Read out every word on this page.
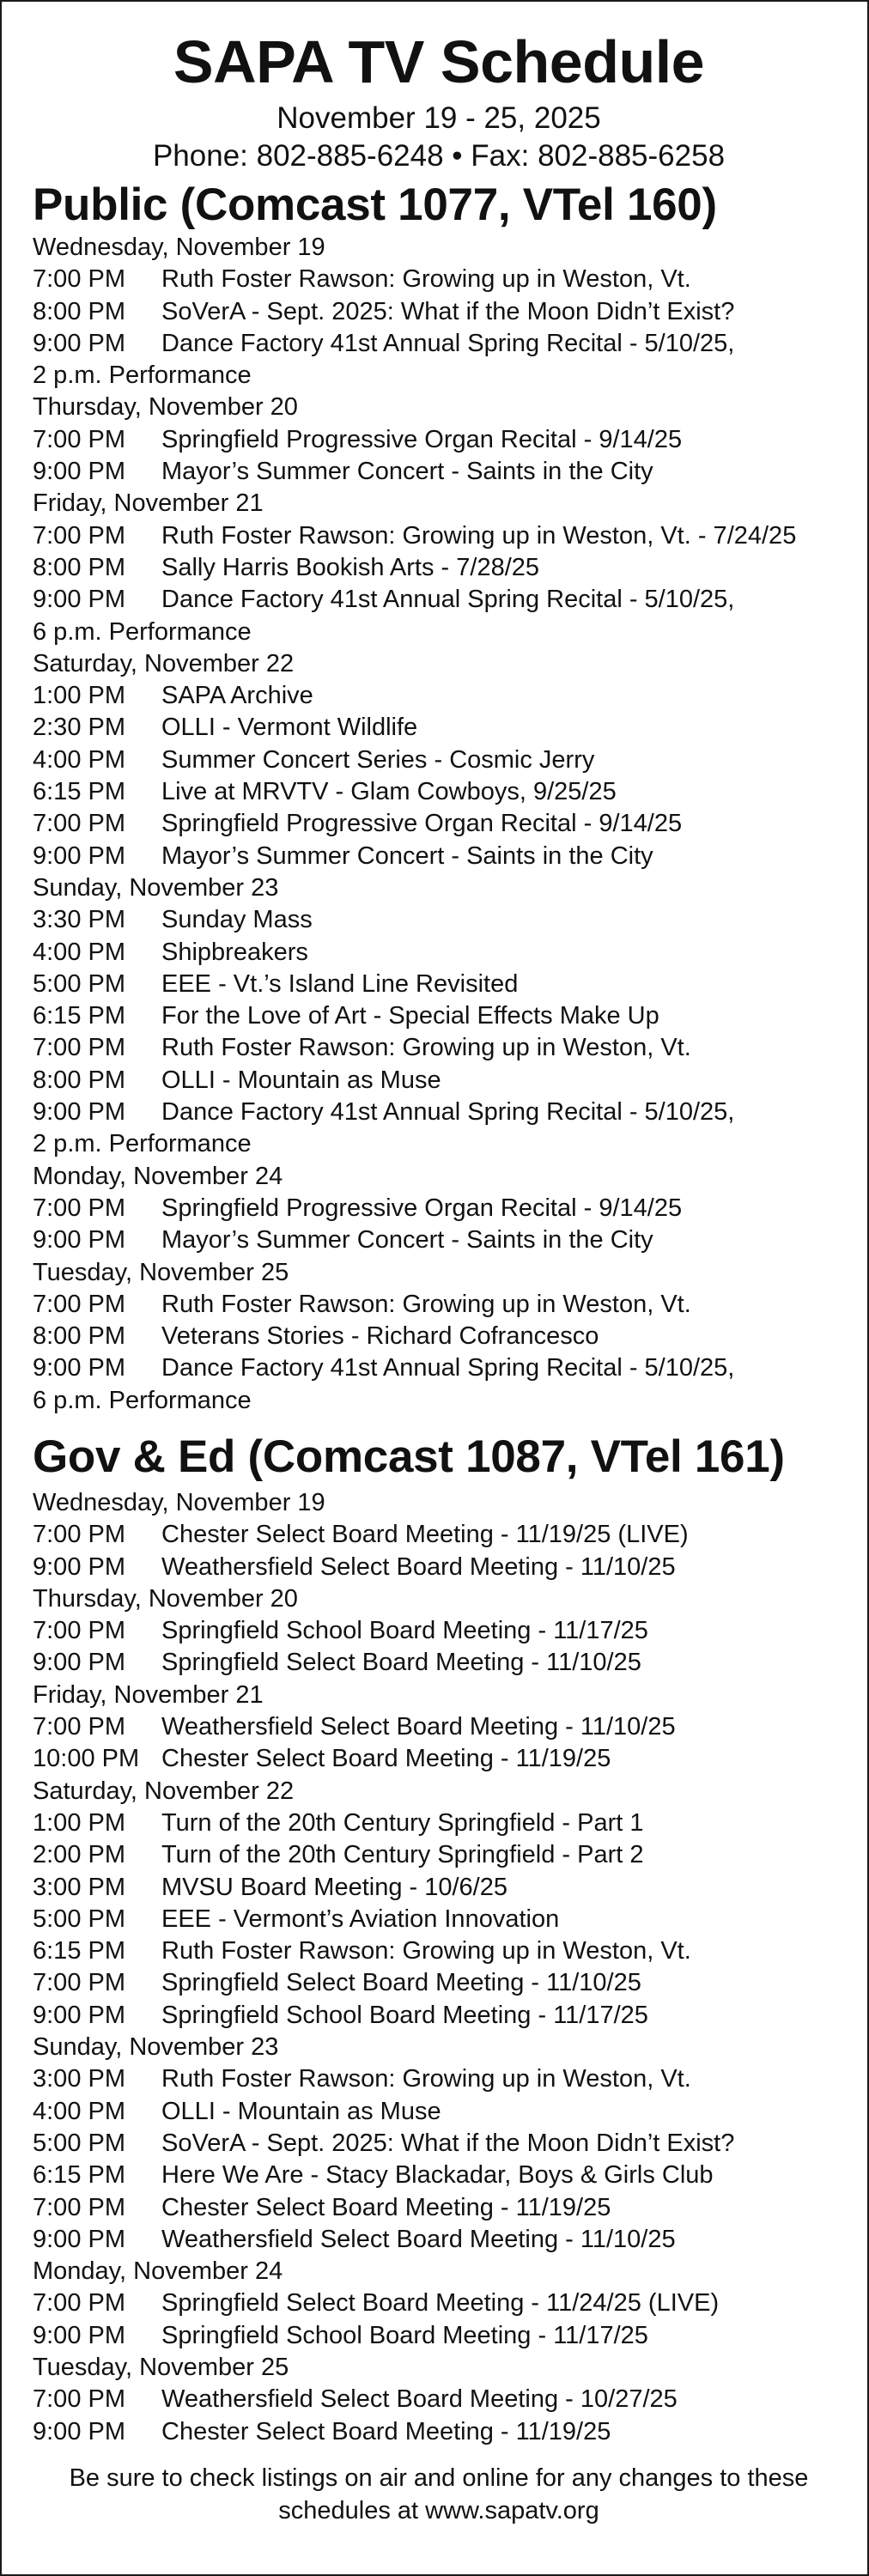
SAPA TV Schedule
November 19 - 25, 2025
Phone: 802-885-6248 • Fax: 802-885-6258
Public (Comcast 1077, VTel 160)
Wednesday, November 19
7:00 PM	Ruth Foster Rawson: Growing up in Weston, Vt.
8:00 PM	SoVerA - Sept. 2025: What if the Moon Didn’t Exist?
9:00 PM	Dance Factory 41st Annual Spring Recital - 5/10/25,
2 p.m. Performance
Thursday, November 20
7:00 PM	Springfield Progressive Organ Recital - 9/14/25
9:00 PM	Mayor’s Summer Concert - Saints in the City
Friday, November 21
7:00 PM	Ruth Foster Rawson: Growing up in Weston, Vt. - 7/24/25
8:00 PM	Sally Harris Bookish Arts - 7/28/25
9:00 PM	Dance Factory 41st Annual Spring Recital - 5/10/25,
6 p.m. Performance
Saturday, November 22
1:00 PM	SAPA Archive
2:30 PM	OLLI - Vermont Wildlife
4:00 PM	Summer Concert Series - Cosmic Jerry
6:15 PM	Live at MRVTV - Glam Cowboys, 9/25/25
7:00 PM	Springfield Progressive Organ Recital - 9/14/25
9:00 PM	Mayor’s Summer Concert - Saints in the City
Sunday, November 23
3:30 PM	Sunday Mass
4:00 PM	Shipbreakers
5:00 PM	EEE - Vt.’s Island Line Revisited
6:15 PM	For the Love of Art - Special Effects Make Up
7:00 PM	Ruth Foster Rawson: Growing up in Weston, Vt.
8:00 PM	OLLI - Mountain as Muse
9:00 PM	Dance Factory 41st Annual Spring Recital - 5/10/25,
2 p.m. Performance
Monday, November 24
7:00 PM	Springfield Progressive Organ Recital - 9/14/25
9:00 PM	Mayor’s Summer Concert - Saints in the City
Tuesday, November 25
7:00 PM	Ruth Foster Rawson: Growing up in Weston, Vt.
8:00 PM	Veterans Stories - Richard Cofrancesco
9:00 PM	Dance Factory 41st Annual Spring Recital - 5/10/25,
6 p.m. Performance
Gov & Ed (Comcast 1087, VTel 161)
Wednesday, November 19
7:00 PM	Chester Select Board Meeting - 11/19/25 (LIVE)
9:00 PM	Weathersfield Select Board Meeting - 11/10/25
Thursday, November 20
7:00 PM	Springfield School Board Meeting - 11/17/25
9:00 PM	Springfield Select Board Meeting - 11/10/25
Friday, November 21
7:00 PM	Weathersfield Select Board Meeting - 11/10/25
10:00 PM Chester Select Board Meeting - 11/19/25
Saturday, November 22
1:00 PM	Turn of the 20th Century Springfield - Part 1
2:00 PM	Turn of the 20th Century Springfield - Part 2
3:00 PM	MVSU Board Meeting - 10/6/25
5:00 PM	EEE - Vermont’s Aviation Innovation
6:15 PM	Ruth Foster Rawson: Growing up in Weston, Vt.
7:00 PM	Springfield Select Board Meeting - 11/10/25
9:00 PM	Springfield School Board Meeting - 11/17/25
Sunday, November 23
3:00 PM	Ruth Foster Rawson: Growing up in Weston, Vt.
4:00 PM	OLLI - Mountain as Muse
5:00 PM	SoVerA - Sept. 2025: What if the Moon Didn’t Exist?
6:15 PM	Here We Are - Stacy Blackadar, Boys & Girls Club
7:00 PM	Chester Select Board Meeting - 11/19/25
9:00 PM	Weathersfield Select Board Meeting - 11/10/25
Monday, November 24
7:00 PM	Springfield Select Board Meeting - 11/24/25 (LIVE)
9:00 PM	Springfield School Board Meeting - 11/17/25
Tuesday, November 25
7:00 PM	Weathersfield Select Board Meeting - 10/27/25
9:00 PM	Chester Select Board Meeting - 11/19/25
Be sure to check listings on air and online for any changes to these schedules at www.sapatv.org
